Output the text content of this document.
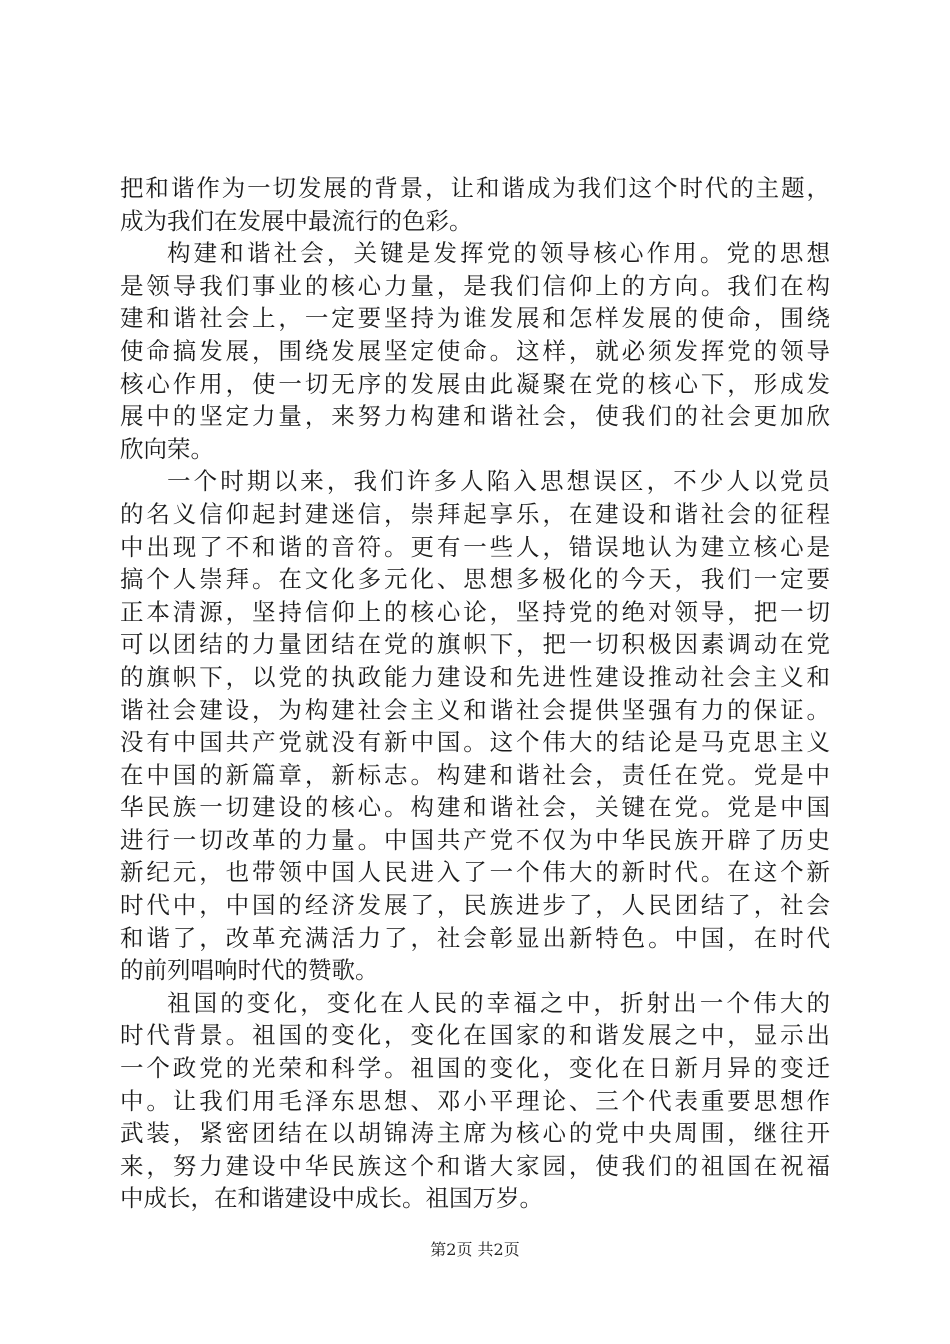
把和谐作为一切发展的背景，让和谐成为我们这个时代的主题，
成为我们在发展中最流行的色彩。
构建和谐社会，关键是发挥党的领导核心作用。党的思想
是领导我们事业的核心力量，是我们信仰上的方向。我们在构
建和谐社会上，一定要坚持为谁发展和怎样发展的使命，围绕
使命搞发展，围绕发展坚定使命。这样，就必须发挥党的领导
核心作用，使一切无序的发展由此凝聚在党的核心下，形成发
展中的坚定力量，来努力构建和谐社会，使我们的社会更加欣
欣向荣。
一个时期以来，我们许多人陷入思想误区，不少人以党员
的名义信仰起封建迷信，崇拜起享乐，在建设和谐社会的征程
中出现了不和谐的音符。更有一些人，错误地认为建立核心是
搞个人崇拜。在文化多元化、思想多极化的今天，我们一定要
正本清源，坚持信仰上的核心论，坚持党的绝对领导，把一切
可以团结的力量团结在党的旗帜下，把一切积极因素调动在党
的旗帜下，以党的执政能力建设和先进性建设推动社会主义和
谐社会建设，为构建社会主义和谐社会提供坚强有力的保证。
没有中国共产党就没有新中国。这个伟大的结论是马克思主义
在中国的新篇章，新标志。构建和谐社会，责任在党。党是中
华民族一切建设的核心。构建和谐社会，关键在党。党是中国
进行一切改革的力量。中国共产党不仅为中华民族开辟了历史
新纪元，也带领中国人民进入了一个伟大的新时代。在这个新
时代中，中国的经济发展了，民族进步了，人民团结了，社会
和谐了，改革充满活力了，社会彰显出新特色。中国，在时代
的前列唱响时代的赞歌。
祖国的变化，变化在人民的幸福之中，折射出一个伟大的
时代背景。祖国的变化，变化在国家的和谐发展之中，显示出
一个政党的光荣和科学。祖国的变化，变化在日新月异的变迁
中。让我们用毛泽东思想、邓小平理论、三个代表重要思想作
武装，紧密团结在以胡锦涛主席为核心的党中央周围，继往开
来，努力建设中华民族这个和谐大家园，使我们的祖国在祝福
中成长，在和谐建设中成长。祖国万岁。
第2页 共2页
